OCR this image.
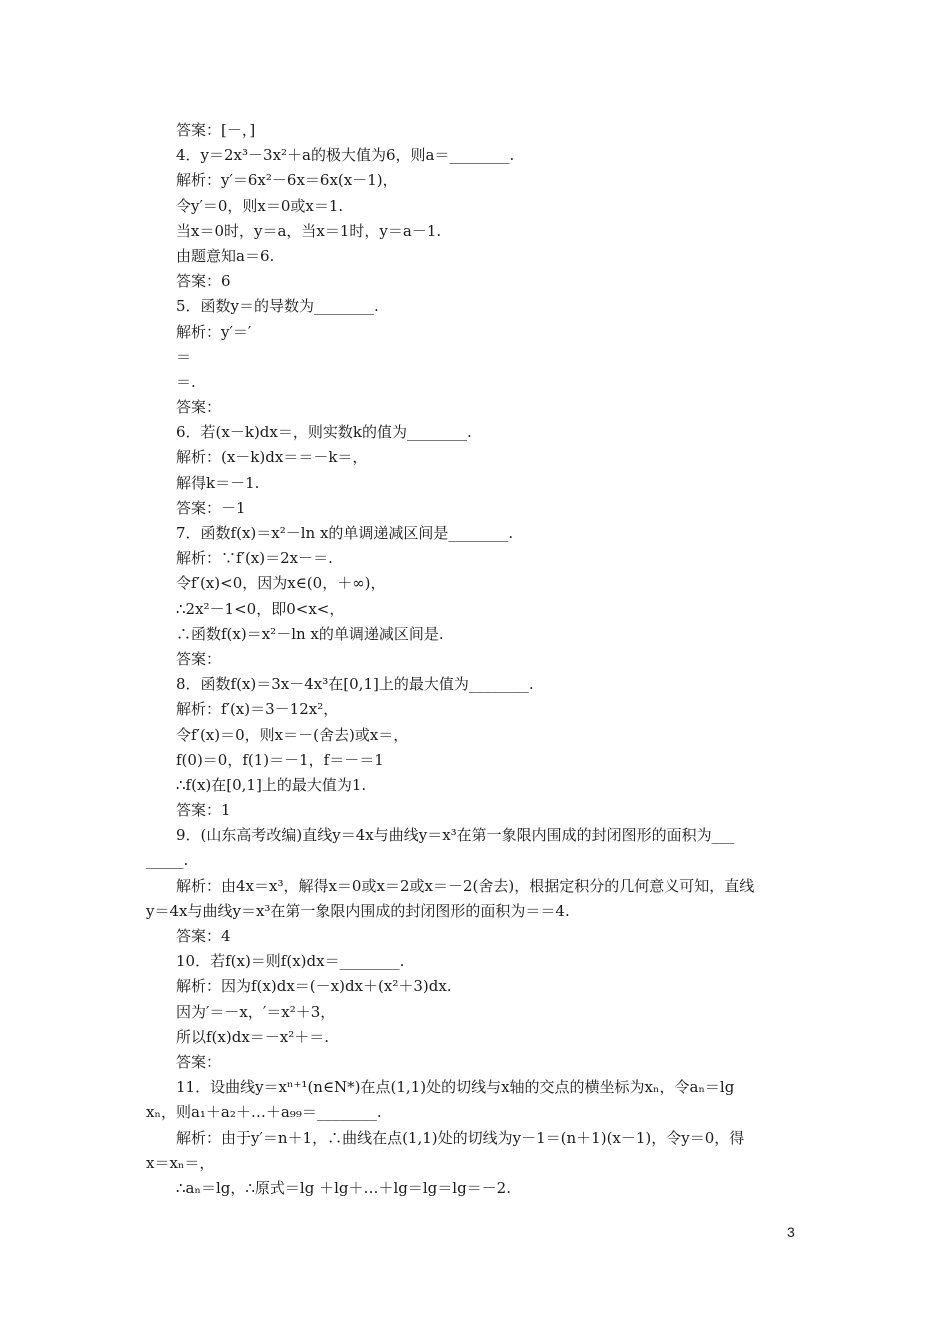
答案：[－，]
4．y＝2x³－3x²＋a的极大值为6，则a＝________.
解析：y′＝6x²－6x＝6x(x－1)，
令y′＝0，则x＝0或x＝1.
当x＝0时，y＝a，当x＝1时，y＝a－1.
由题意知a＝6.
答案：6
5．函数y＝的导数为________.
解析：y′＝′
＝
＝.
答案：
6．若(x－k)dx＝，则实数k的值为________.
解析：(x－k)dx＝＝－k＝，
解得k＝－1.
答案：－1
7．函数f(x)＝x²－ln x的单调递减区间是________.
解析：∵f′(x)＝2x－＝.
令f′(x)<0，因为x∈(0，＋∞)，
∴2x²－1<0，即0<x<，
∴函数f(x)＝x²－ln x的单调递减区间是.
答案：
8．函数f(x)＝3x－4x³在[0,1]上的最大值为________.
解析：f′(x)＝3－12x²，
令f′(x)＝0，则x＝－(舍去)或x＝，
f(0)＝0，f(1)＝－1，f＝－＝1
∴f(x)在[0,1]上的最大值为1.
答案：1
9．(山东高考改编)直线y＝4x与曲线y＝x³在第一象限内围成的封闭图形的面积为___
_____.
解析：由4x＝x³，解得x＝0或x＝2或x＝－2(舍去)，根据定积分的几何意义可知，直线
y＝4x与曲线y＝x³在第一象限内围成的封闭图形的面积为＝＝4.
答案：4
10．若f(x)＝则f(x)dx＝________.
解析：因为f(x)dx＝(－x)dx＋(x²＋3)dx.
因为′＝－x，′＝x²＋3，
所以f(x)dx＝－x²＋＝.
答案：
11．设曲线y＝xⁿ⁺¹(n∈N*)在点(1,1)处的切线与x轴的交点的横坐标为xₙ，令aₙ＝lg
xₙ，则a₁＋a₂＋…＋a₉₉＝________.
解析：由于y′＝n＋1，∴曲线在点(1,1)处的切线为y－1＝(n＋1)(x－1)，令y＝0，得
x＝xₙ＝，
∴aₙ＝lg，∴原式＝lg ＋lg＋…＋lg＝lg＝lg＝－2.
3
